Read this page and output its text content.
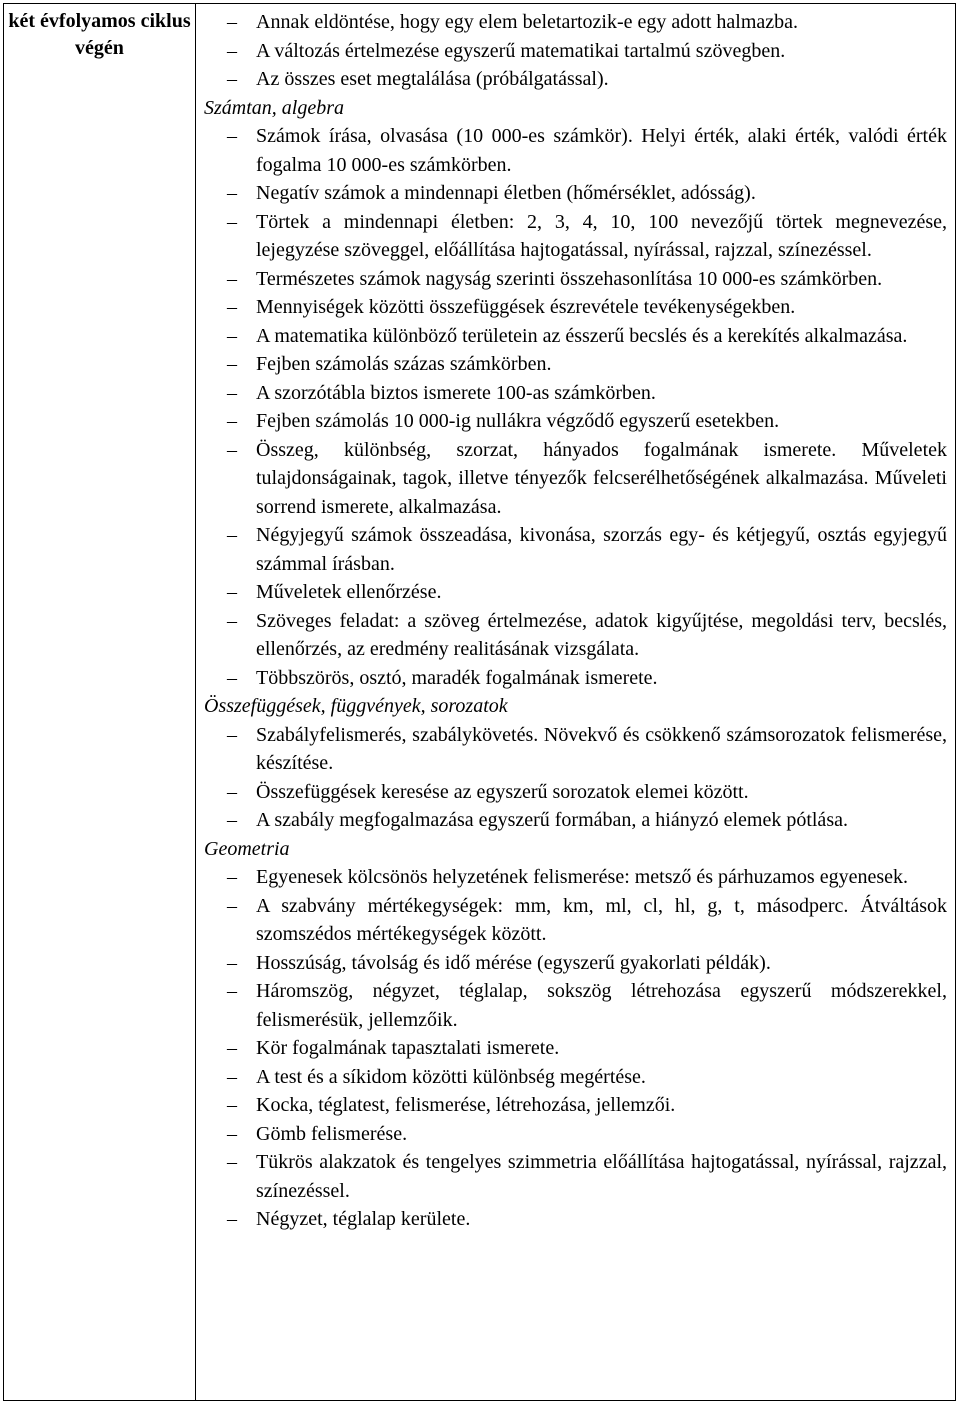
két évfolyamos ciklus végén
– Annak eldöntése, hogy egy elem beletartozik-e egy adott halmazba.
– A változás értelmezése egyszerű matematikai tartalmú szövegben.
– Az összes eset megtalálása (próbálgatással).
Számtan, algebra
– Számok írása, olvasása (10 000-es számkör). Helyi érték, alaki érték, valódi érték fogalma 10 000-es számkörben.
– Negatív számok a mindennapi életben (hőmérséklet, adósság).
– Törtek a mindennapi életben: 2, 3, 4, 10, 100 nevezőjű törtek megnevezése, lejegyzése szöveggel, előállítása hajtogatással, nyírással, rajzzal, színezéssel.
– Természetes számok nagyság szerinti összehasonlítása 10 000-es számkörben.
– Mennyiségek közötti összefüggések észrevétele tevékenységekben.
– A matematika különböző területein az ésszerű becslés és a kerekítés alkalmazása.
– Fejben számolás százas számkörben.
– A szorzótábla biztos ismerete 100-as számkörben.
– Fejben számolás 10 000-ig nullákra végződő egyszerű esetekben.
– Összeg, különbség, szorzat, hányados fogalmának ismerete. Műveletek tulajdonságainak, tagok, illetve tényezők felcserélhetőségének alkalmazása. Műveleti sorrend ismerete, alkalmazása.
– Négyjegyű számok összeadása, kivonása, szorzás egy- és kétjegyű, osztás egyjegyű számmal írásban.
– Műveletek ellenőrzése.
– Szöveges feladat: a szöveg értelmezése, adatok kigyűjtése, megoldási terv, becslés, ellenőrzés, az eredmény realitásának vizsgálata.
– Többszörös, osztó, maradék fogalmának ismerete.
Összefüggések, függvények, sorozatok
– Szabályfelismerés, szabálykövetés. Növekvő és csökkenő számsorozatok felismerése, készítése.
– Összefüggések keresése az egyszerű sorozatok elemei között.
– A szabály megfogalmazása egyszerű formában, a hiányzó elemek pótlása.
Geometria
– Egyenesek kölcsönös helyzetének felismerése: metsző és párhuzamos egyenesek.
– A szabvány mértékegységek: mm, km, ml, cl, hl, g, t, másodperc. Átváltások szomszédos mértékegységek között.
– Hosszúság, távolság és idő mérése (egyszerű gyakorlati példák).
– Háromszög, négyzet, téglalap, sokszög létrehozása egyszerű módszerekkel, felismerésük, jellemzőik.
– Kör fogalmának tapasztalati ismerete.
– A test és a síkidom közötti különbség megértése.
– Kocka, téglatest, felismerése, létrehozása, jellemzői.
– Gömb felismerése.
– Tükrös alakzatok és tengelyes szimmetria előállítása hajtogatással, nyírással, rajzzal, színezéssel.
– Négyzet, téglalap kerülete.
